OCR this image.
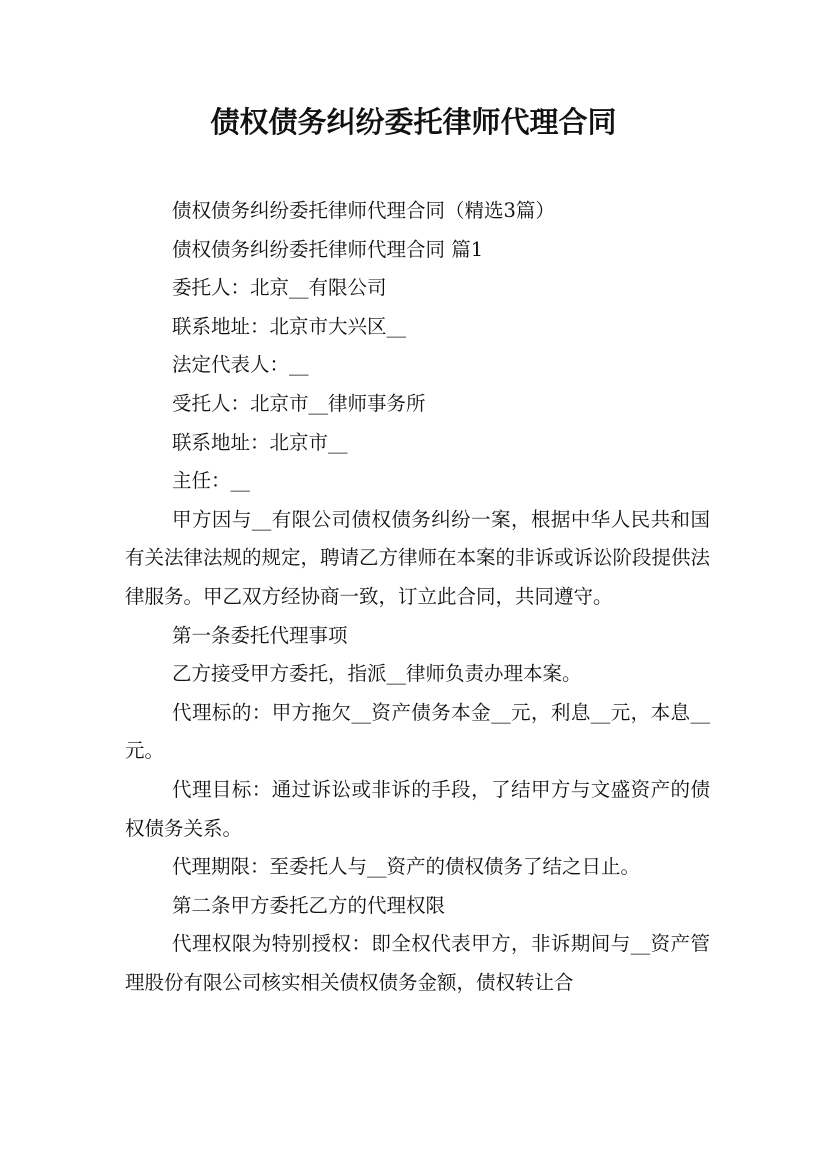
债权债务纠纷委托律师代理合同

债权债务纠纷委托律师代理合同（精选3篇）

债权债务纠纷委托律师代理合同 篇1

委托人：北京__有限公司

联系地址：北京市大兴区__

法定代表人：__

受托人：北京市__律师事务所

联系地址：北京市__

主任：__

甲方因与__有限公司债权债务纠纷一案，根据中华人民共和国有关法律法规的规定，聘请乙方律师在本案的非诉或诉讼阶段提供法律服务。甲乙双方经协商一致，订立此合同，共同遵守。

第一条委托代理事项

乙方接受甲方委托，指派__律师负责办理本案。

代理标的：甲方拖欠__资产债务本金__元，利息__元，本息__元。

代理目标：通过诉讼或非诉的手段，了结甲方与文盛资产的债权债务关系。

代理期限：至委托人与__资产的债权债务了结之日止。

第二条甲方委托乙方的代理权限

代理权限为特别授权：即全权代表甲方，非诉期间与__资产管理股份有限公司核实相关债权债务金额，债权转让合
